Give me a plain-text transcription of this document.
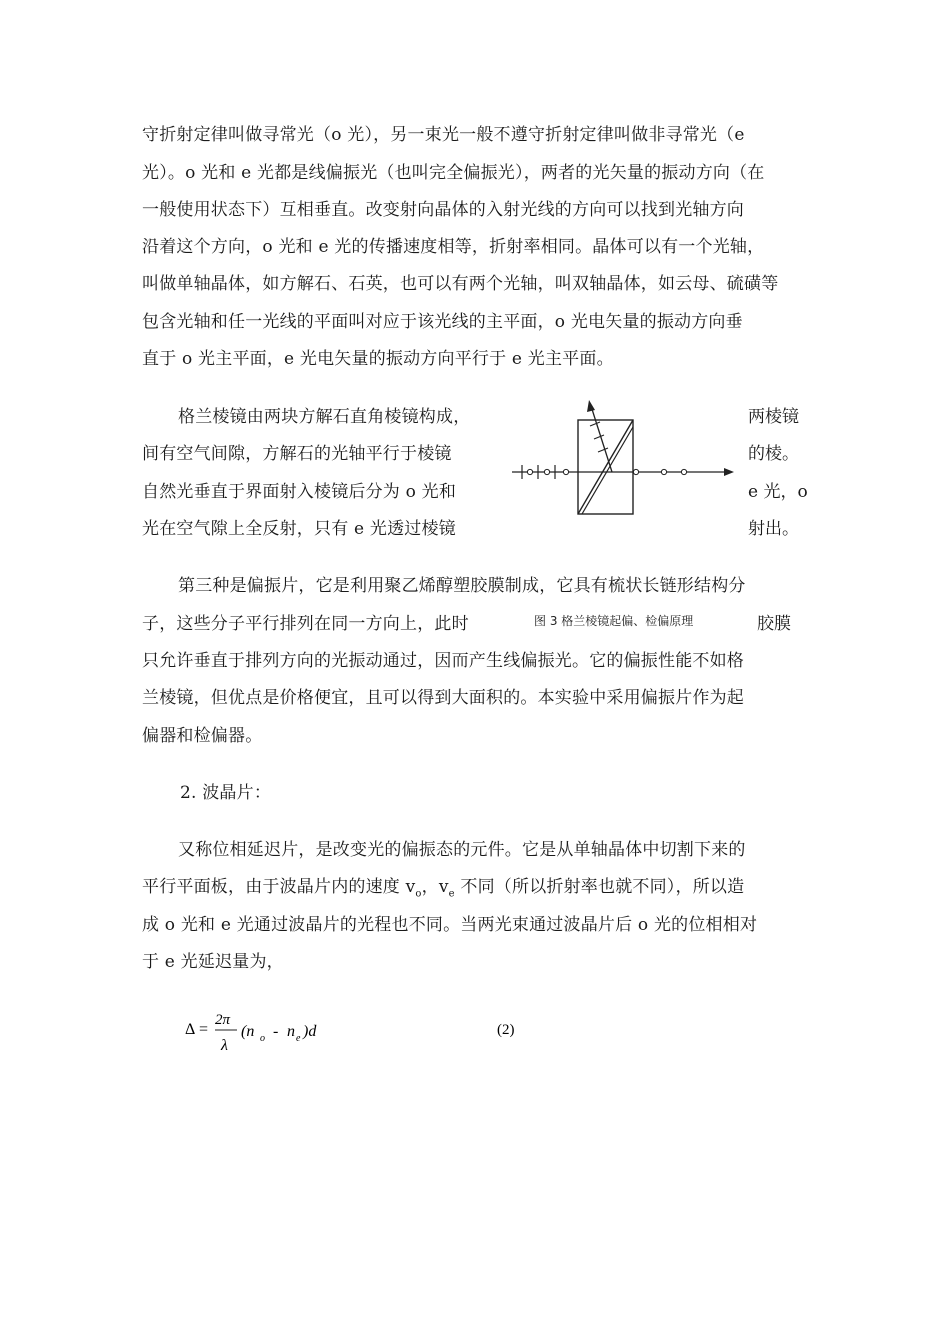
守折射定律叫做寻常光（o 光），另一束光一般不遵守折射定律叫做非寻常光（e
光）。o 光和 e 光都是线偏振光（也叫完全偏振光），两者的光矢量的振动方向（在
一般使用状态下）互相垂直。改变射向晶体的入射光线的方向可以找到光轴方向
沿着这个方向，o 光和 e 光的传播速度相等，折射率相同。晶体可以有一个光轴，
叫做单轴晶体，如方解石、石英，也可以有两个光轴，叫双轴晶体，如云母、硫磺等
包含光轴和任一光线的平面叫对应于该光线的主平面，o 光电矢量的振动方向垂
直于 o 光主平面，e 光电矢量的振动方向平行于 e 光主平面。
格兰棱镜由两块方解石直角棱镜构成，
间有空气间隙，方解石的光轴平行于棱镜
自然光垂直于界面射入棱镜后分为 o 光和
光在空气隙上全反射，只有 e 光透过棱镜
两棱镜
的棱。
e 光，o
射出。
图 3 格兰棱镜起偏、检偏原理
第三种是偏振片，它是利用聚乙烯醇塑胶膜制成，它具有梳状长链形结构分
子，这些分子平行排列在同一方向上，此时	胶膜
只允许垂直于排列方向的光振动通过，因而产生线偏振光。它的偏振性能不如格
兰棱镜，但优点是价格便宜，且可以得到大面积的。本实验中采用偏振片作为起
偏器和检偏器。
2. 波晶片：
又称位相延迟片，是改变光的偏振态的元件。它是从单轴晶体中切割下来的
平行平面板，由于波晶片内的速度 $v_o$，$v_e$ 不同（所以折射率也就不同），所以造
成 o 光和 e 光通过波晶片的光程也不同。当两光束通过波晶片后 o 光的位相相对
于 e 光延迟量为，
Δ =
2π
λ
(n o - n e )d	(2)
